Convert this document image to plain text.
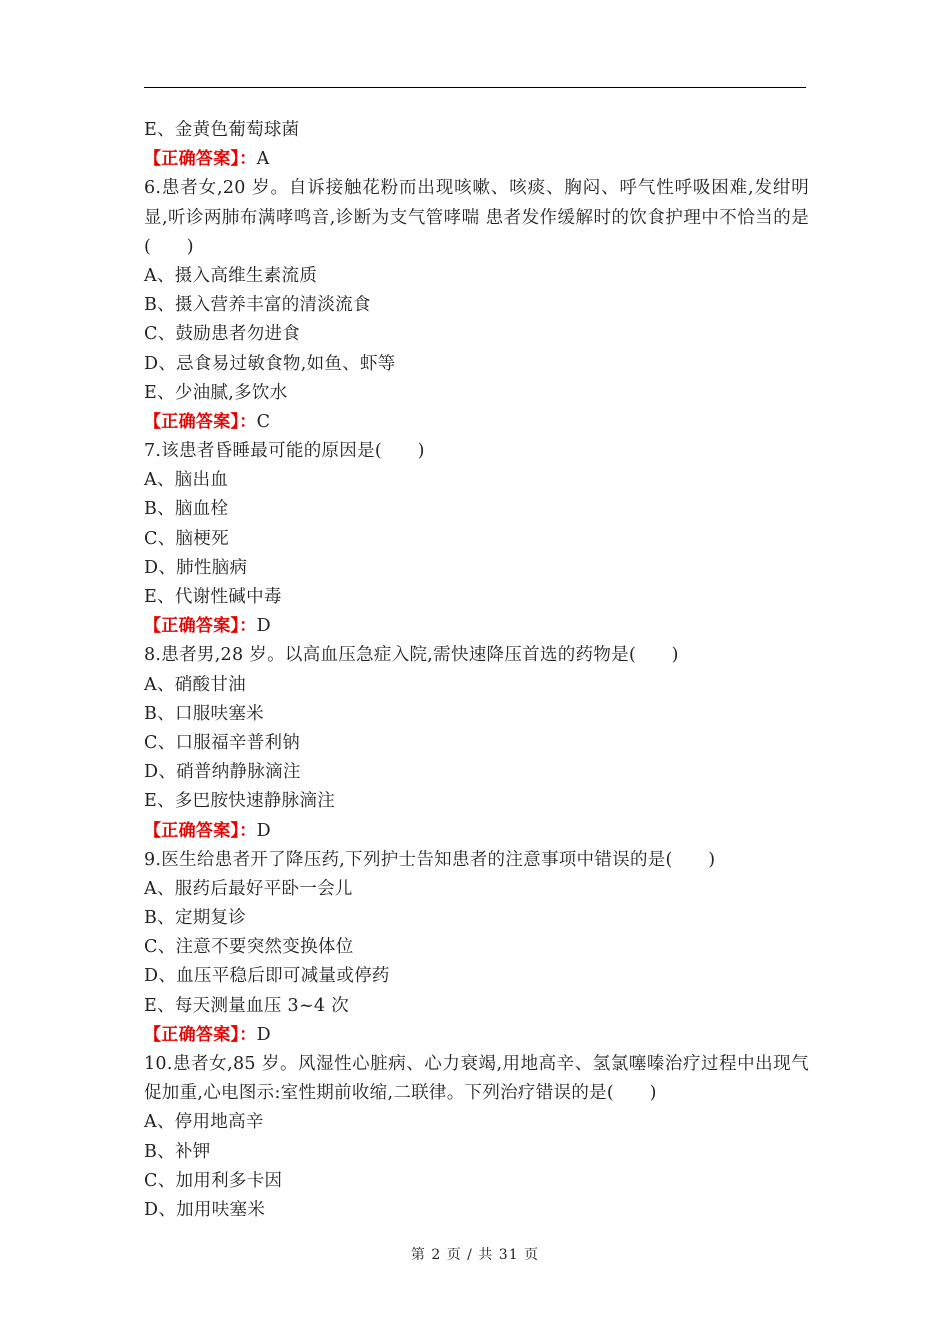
E、金黄色葡萄球菌
【正确答案】：A
6.患者女,20 岁。自诉接触花粉而出现咳嗽、咳痰、胸闷、呼气性呼吸困难,发绀明显,听诊两肺布满哮鸣音,诊断为支气管哮喘 患者发作缓解时的饮食护理中不恰当的是(　　)
A、摄入高维生素流质
B、摄入营养丰富的清淡流食
C、鼓励患者勿进食
D、忌食易过敏食物,如鱼、虾等
E、少油腻,多饮水
【正确答案】：C
7.该患者昏睡最可能的原因是(　　)
A、脑出血
B、脑血栓
C、脑梗死
D、肺性脑病
E、代谢性碱中毒
【正确答案】：D
8.患者男,28 岁。以高血压急症入院,需快速降压首选的药物是(　　)
A、硝酸甘油
B、口服呋塞米
C、口服福辛普利钠
D、硝普纳静脉滴注
E、多巴胺快速静脉滴注
【正确答案】：D
9.医生给患者开了降压药,下列护士告知患者的注意事项中错误的是(　　)
A、服药后最好平卧一会儿
B、定期复诊
C、注意不要突然变换体位
D、血压平稳后即可减量或停药
E、每天测量血压 3~4 次
【正确答案】：D
10.患者女,85 岁。风湿性心脏病、心力衰竭,用地高辛、氢氯噻嗪治疗过程中出现气促加重,心电图示:室性期前收缩,二联律。下列治疗错误的是(　　)
A、停用地高辛
B、补钾
C、加用利多卡因
D、加用呋塞米
第 2 页 / 共 31 页
